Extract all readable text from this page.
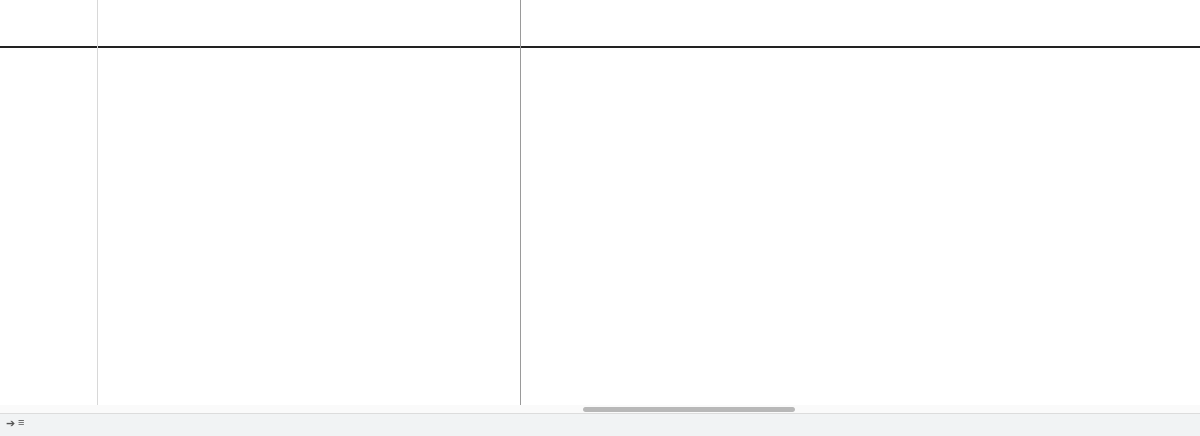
➔ ≡
